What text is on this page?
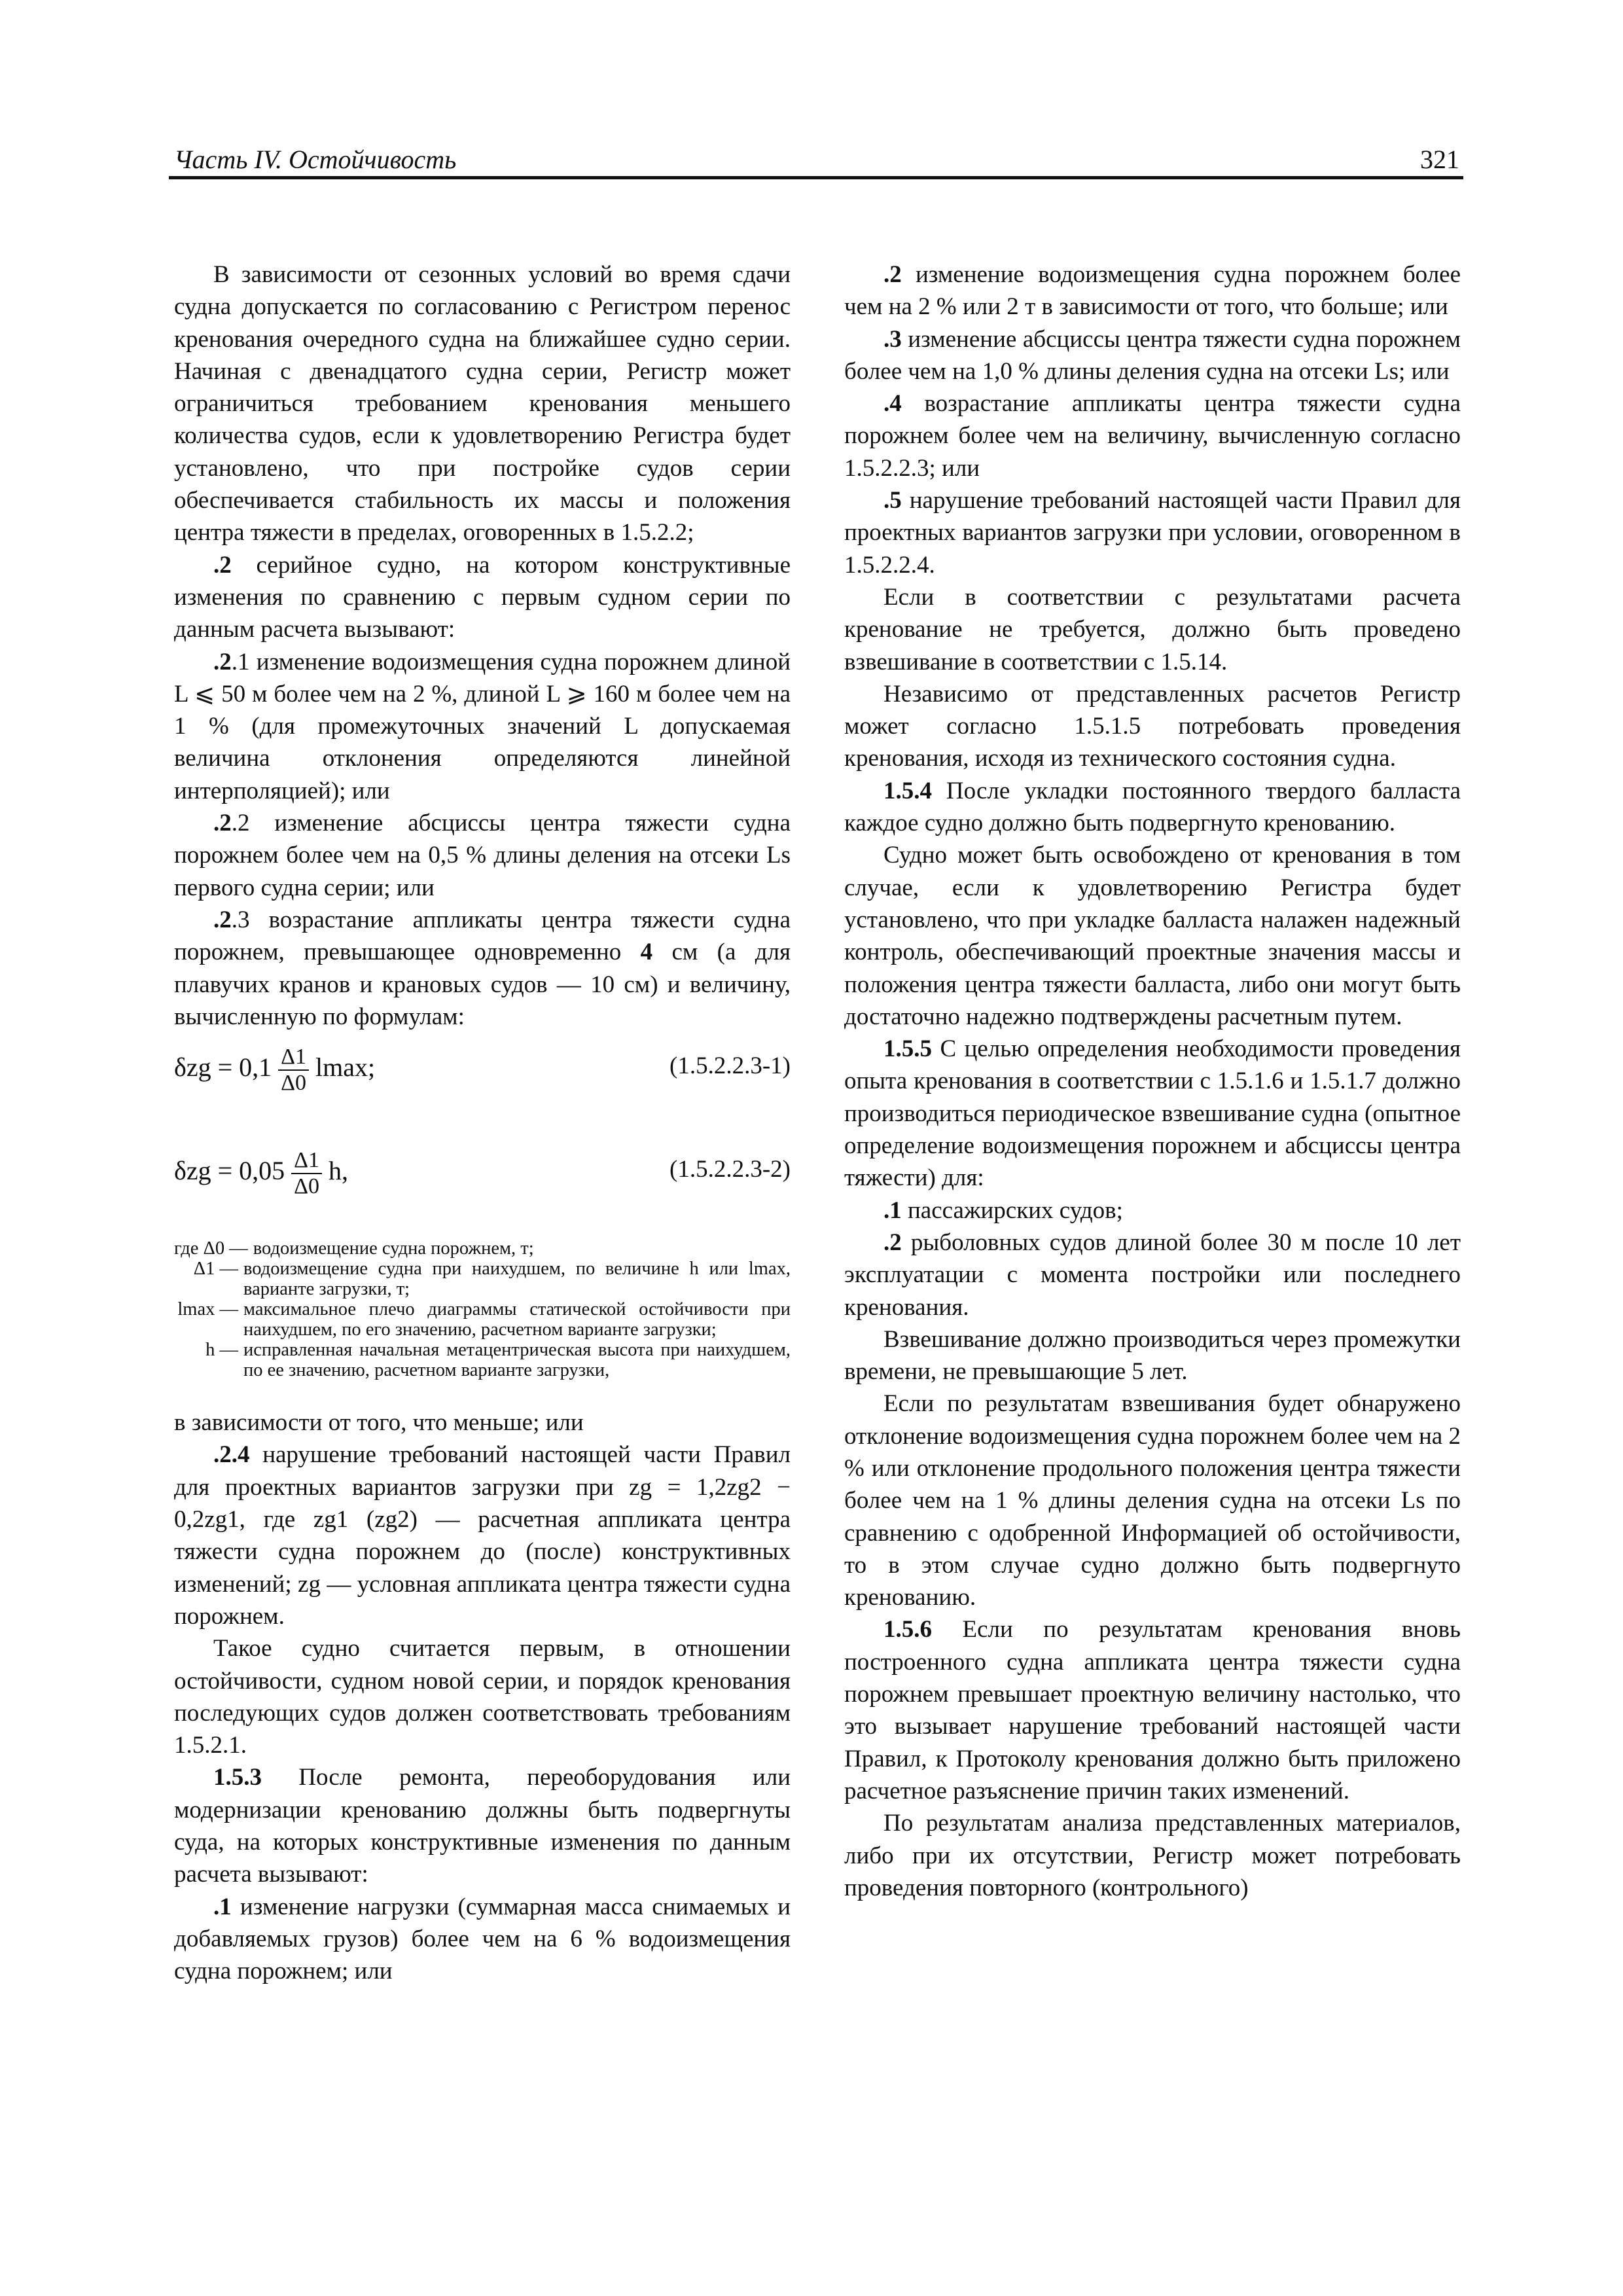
Часть IV. Остойчивость	321

В зависимости от сезонных условий во время сдачи судна допускается по согласованию с Регистром перенос кренования очередного судна на ближайшее судно серии. Начиная с двенадцатого судна серии, Регистр может ограничиться требованием кренования меньшего количества судов, если к удовлетворению Регистра будет установлено, что при постройке судов серии обеспечивается стабильность их массы и положения центра тяжести в пределах, оговоренных в 1.5.2.2;

.2 серийное судно, на котором конструктивные изменения по сравнению с первым судном серии по данным расчета вызывают:

.2.1 изменение водоизмещения судна порожнем длиной L ⩽ 50 м более чем на 2 %, длиной L ⩾ 160 м более чем на 1 % (для промежуточных значений L допускаемая величина отклонения определяются линейной интерполяцией); или

.2.2 изменение абсциссы центра тяжести судна порожнем более чем на 0,5 % длины деления на отсеки Ls первого судна серии; или

.2.3 возрастание аппликаты центра тяжести судна порожнем, превышающее одновременно 4 см (а для плавучих кранов и крановых судов — 10 см) и величину, вычисленную по формулам:

$\delta zg = 0,1 \frac{\Delta 1}{\Delta 0} lmax$;	(1.5.2.2.3-1)
$\delta zg = 0,05 \frac{\Delta 1}{\Delta 0} h$,	(1.5.2.2.3-2)
где Δ0 — водоизмещение судна порожнем, т;
Δ1 — водоизмещение судна при наихудшем, по величине h или lmax, варианте загрузки, т;
lmax — максимальное плечо диаграммы статической остойчивости при наихудшем, по его значению, расчетном варианте загрузки;
h — исправленная начальная метацентрическая высота при наихудшем, по ее значению, расчетном варианте загрузки,

в зависимости от того, что меньше; или

.2.4 нарушение требований настоящей части Правил для проектных вариантов загрузки при zg = 1,2zg2 − 0,2zg1, где zg1 (zg2) — расчетная аппликата центра тяжести судна порожнем до (после) конструктивных изменений; zg — условная аппликата центра тяжести судна порожнем.

Такое судно считается первым, в отношении остойчивости, судном новой серии, и порядок кренования последующих судов должен соответствовать требованиям 1.5.2.1.

1.5.3 После ремонта, переоборудования или модернизации кренованию должны быть подвергнуты суда, на которых конструктивные изменения по данным расчета вызывают:

.1 изменение нагрузки (суммарная масса снимаемых и добавляемых грузов) более чем на 6 % водоизмещения судна порожнем; или

.2 изменение водоизмещения судна порожнем более чем на 2 % или 2 т в зависимости от того, что больше; или

.3 изменение абсциссы центра тяжести судна порожнем более чем на 1,0 % длины деления судна на отсеки Ls; или

.4 возрастание аппликаты центра тяжести судна порожнем более чем на величину, вычисленную согласно 1.5.2.2.3; или

.5 нарушение требований настоящей части Правил для проектных вариантов загрузки при условии, оговоренном в 1.5.2.2.4.

Если в соответствии с результатами расчета кренование не требуется, должно быть проведено взвешивание в соответствии с 1.5.14.

Независимо от представленных расчетов Регистр может согласно 1.5.1.5 потребовать проведения кренования, исходя из технического состояния судна.

1.5.4 После укладки постоянного твердого балласта каждое судно должно быть подвергнуто кренованию.

Судно может быть освобождено от кренования в том случае, если к удовлетворению Регистра будет установлено, что при укладке балласта налажен надежный контроль, обеспечивающий проектные значения массы и положения центра тяжести балласта, либо они могут быть достаточно надежно подтверждены расчетным путем.

1.5.5 С целью определения необходимости проведения опыта кренования в соответствии с 1.5.1.6 и 1.5.1.7 должно производиться периодическое взвешивание судна (опытное определение водоизмещения порожнем и абсциссы центра тяжести) для:

.1 пассажирских судов;

.2 рыболовных судов длиной более 30 м после 10 лет эксплуатации с момента постройки или последнего кренования.

Взвешивание должно производиться через промежутки времени, не превышающие 5 лет.

Если по результатам взвешивания будет обнаружено отклонение водоизмещения судна порожнем более чем на 2 % или отклонение продольного положения центра тяжести более чем на 1 % длины деления судна на отсеки Ls по сравнению с одобренной Информацией об остойчивости, то в этом случае судно должно быть подвергнуто кренованию.

1.5.6 Если по результатам кренования вновь построенного судна аппликата центра тяжести судна порожнем превышает проектную величину настолько, что это вызывает нарушение требований настоящей части Правил, к Протоколу кренования должно быть приложено расчетное разъяснение причин таких изменений.

По результатам анализа представленных материалов, либо при их отсутствии, Регистр может потребовать проведения повторного (контрольного)
